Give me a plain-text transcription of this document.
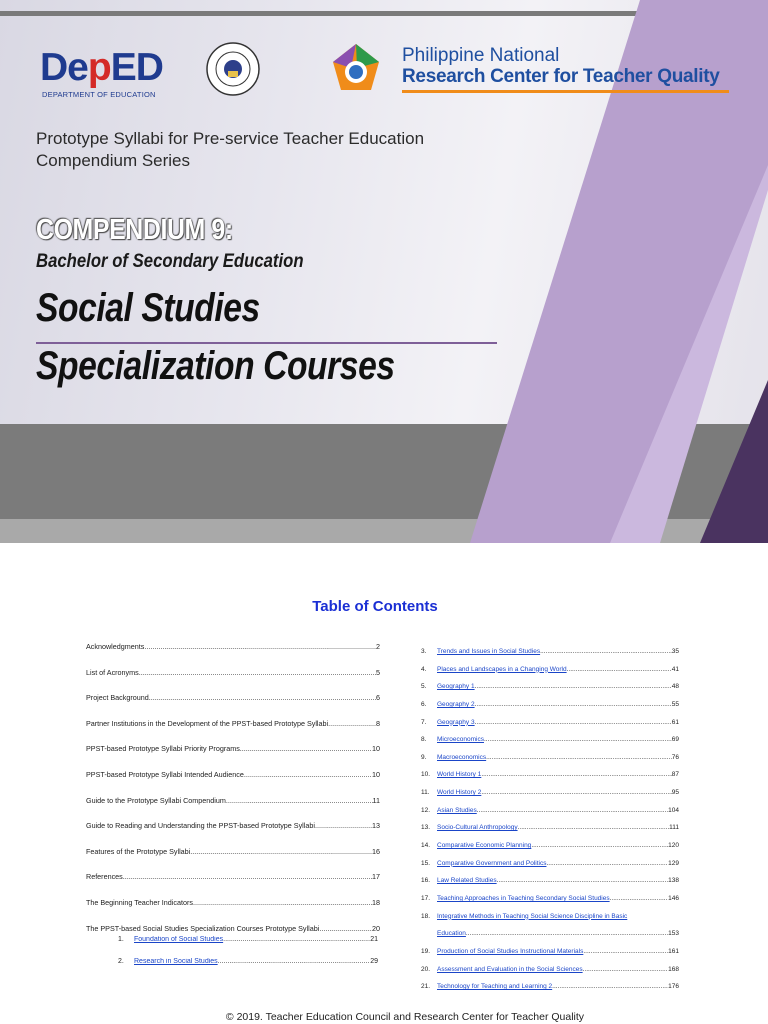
DepED
DEPARTMENT OF EDUCATION
Philippine National
Research Center for Teacher Quality
Prototype Syllabi for Pre-service Teacher Education
Compendium Series
COMPENDIUM 9:
Bachelor of Secondary Education
Social Studies
Specialization Courses
Table of Contents
Acknowledgments .....	2
List of Acronyms .....	5
Project Background .....	6
Partner Institutions in the Development of the PPST-based Prototype Syllabi .....	8
PPST-based Prototype Syllabi Priority Programs .....	10
PPST-based Prototype Syllabi Intended Audience .....	10
Guide to the Prototype Syllabi Compendium .....	11
Guide to Reading and Understanding the PPST-based Prototype Syllabi .....	13
Features of the Prototype Syllabi .....	16
References .....	17
The Beginning Teacher Indicators .....	18
The PPST-based Social Studies Specialization Courses Prototype Syllabi .....	20
1.	Foundation of Social Studies .....	21
2.	Research in Social Studies .....	29
3.	Trends and Issues in Social Studies .....	35
4.	Places and Landscapes in a Changing World .....	41
5.	Geography 1 .....	48
6.	Geography 2 .....	55
7.	Geography 3 .....	61
8.	Microeconomics .....	69
9.	Macroeconomics .....	76
10.	World History 1 .....	87
11.	World History 2 .....	95
12.	Asian Studies .....	104
13.	Socio-Cultural Anthropology .....	111
14.	Comparative Economic Planning .....	120
15.	Comparative Government and Politics .....	129
16.	Law Related Studies .....	138
17.	Teaching Approaches in Teaching Secondary Social Studies .....	146
18.	Integrative Methods in Teaching Social Science Discipline in Basic
Education .....	153
19.	Production of Social Studies Instructional Materials .....	161
20.	Assessment and Evaluation in the Social Sciences .....	168
21.	Technology for Teaching and Learning 2 .....	176
© 2019. Teacher Education Council and Research Center for Teacher Quality
